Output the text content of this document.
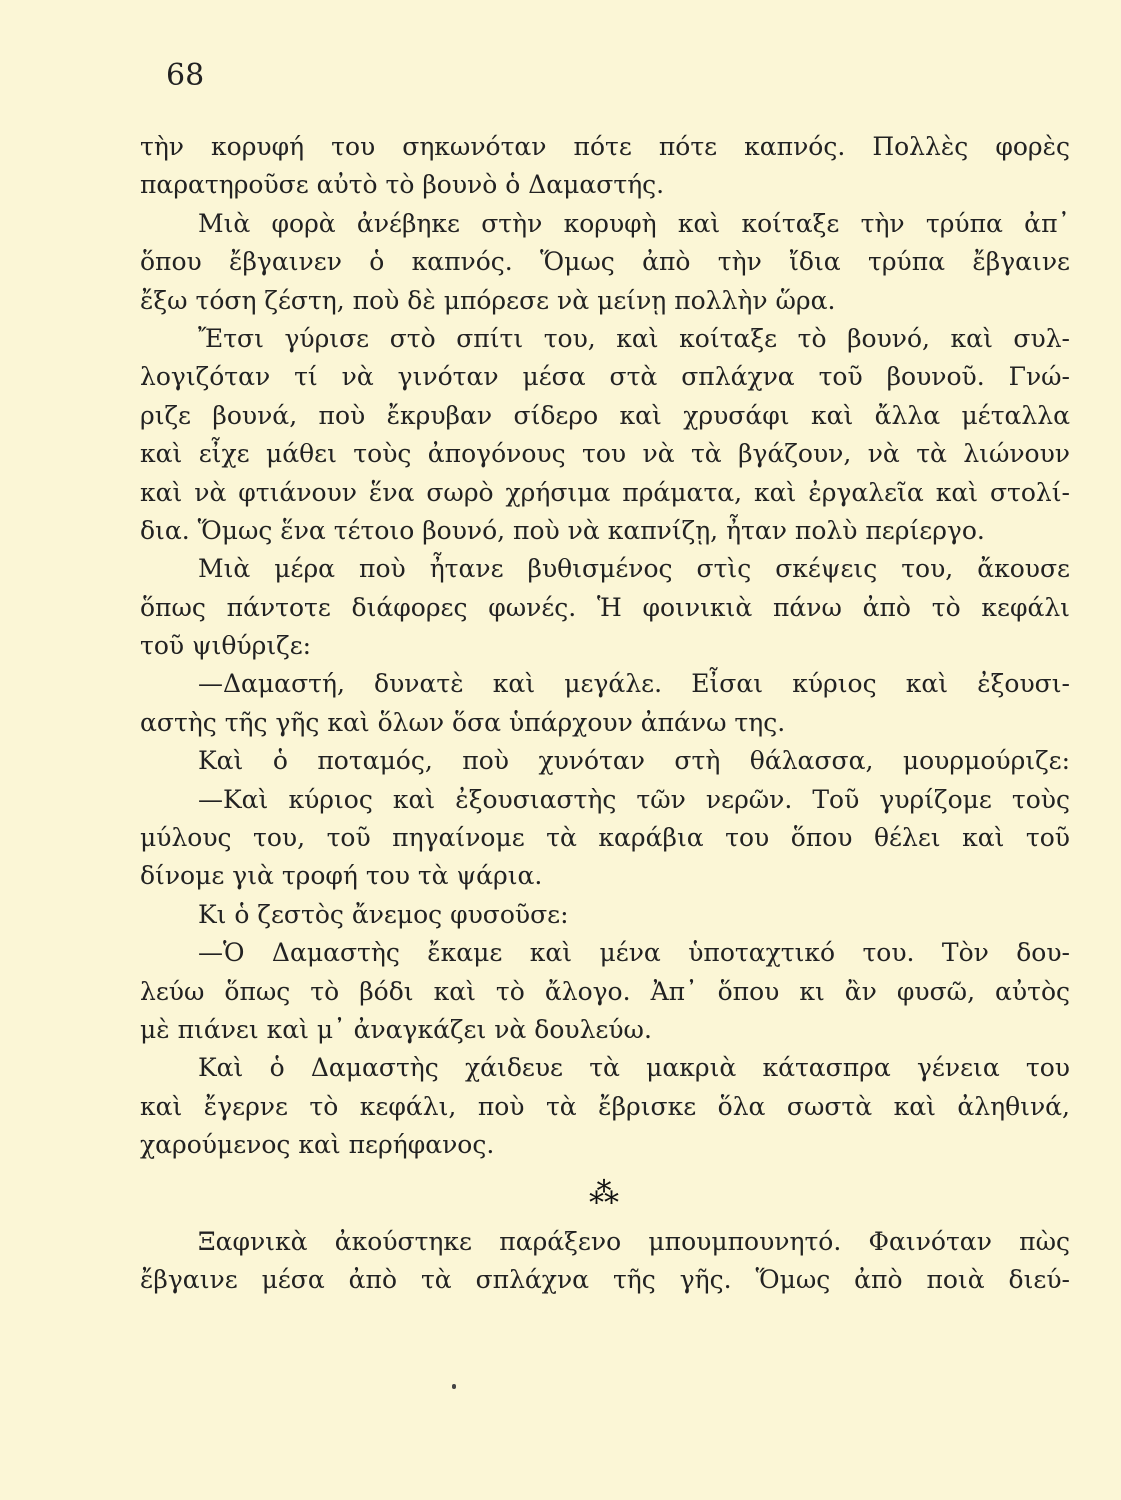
68
τὴν κορυφή του σηκωνόταν πότε πότε καπνός. Πολλὲς φορὲς
παρατηροῦσε αὐτὸ τὸ βουνὸ ὁ Δαμαστής.
Μιὰ φορὰ ἀνέβηκε στὴν κορυφὴ καὶ κοίταξε τὴν τρύπα ἀπ᾿
ὅπου ἔβγαινεν ὁ καπνός. Ὅμως ἀπὸ τὴν ἴδια τρύπα ἔβγαινε
ἔξω τόση ζέστη, ποὺ δὲ μπόρεσε νὰ μείνῃ πολλὴν ὥρα.
Ἔτσι γύρισε στὸ σπίτι του, καὶ κοίταξε τὸ βουνό, καὶ συλ-
λογιζόταν τί νὰ γινόταν μέσα στὰ σπλάχνα τοῦ βουνοῦ. Γνώ-
ριζε βουνά, ποὺ ἔκρυβαν σίδερο καὶ χρυσάφι καὶ ἄλλα μέταλλα
καὶ εἶχε μάθει τοὺς ἀπογόνους του νὰ τὰ βγάζουν, νὰ τὰ λιώνουν
καὶ νὰ φτιάνουν ἕνα σωρὸ χρήσιμα πράματα, καὶ ἐργαλεῖα καὶ στολί-
δια. Ὅμως ἕνα τέτοιο βουνό, ποὺ νὰ καπνίζῃ, ἦταν πολὺ περίεργο.
Μιὰ μέρα ποὺ ἦτανε βυθισμένος στὶς σκέψεις του, ἄκουσε
ὅπως πάντοτε διάφορες φωνές. Ἡ φοινικιὰ πάνω ἀπὸ τὸ κεφάλι
τοῦ ψιθύριζε:
—Δαμαστή, δυνατὲ καὶ μεγάλε. Εἶσαι κύριος καὶ ἐξουσι-
αστὴς τῆς γῆς καὶ ὅλων ὅσα ὑπάρχουν ἀπάνω της.
Καὶ ὁ ποταμός, ποὺ χυνόταν στὴ θάλασσα, μουρμούριζε:
—Καὶ κύριος καὶ ἐξουσιαστὴς τῶν νερῶν. Τοῦ γυρίζομε τοὺς
μύλους του, τοῦ πηγαίνομε τὰ καράβια του ὅπου θέλει καὶ τοῦ
δίνομε γιὰ τροφή του τὰ ψάρια.
Κι ὁ ζεστὸς ἄνεμος φυσοῦσε:
—Ὁ Δαμαστὴς ἔκαμε καὶ μένα ὑποταχτικό του. Τὸν δου-
λεύω ὅπως τὸ βόδι καὶ τὸ ἄλογο. Ἀπ᾿ ὅπου κι ἂν φυσῶ, αὐτὸς
μὲ πιάνει καὶ μ᾿ ἀναγκάζει νὰ δουλεύω.
Καὶ ὁ Δαμαστὴς χάιδευε τὰ μακριὰ κάτασπρα γένεια του
καὶ ἔγερνε τὸ κεφάλι, ποὺ τὰ ἔβρισκε ὅλα σωστὰ καὶ ἀληθινά,
χαρούμενος καὶ περήφανος.
⁂
Ξαφνικὰ ἀκούστηκε παράξενο μπουμπουνητό. Φαινόταν πὼς
ἔβγαινε μέσα ἀπὸ τὰ σπλάχνα τῆς γῆς. Ὅμως ἀπὸ ποιὰ διεύ-
